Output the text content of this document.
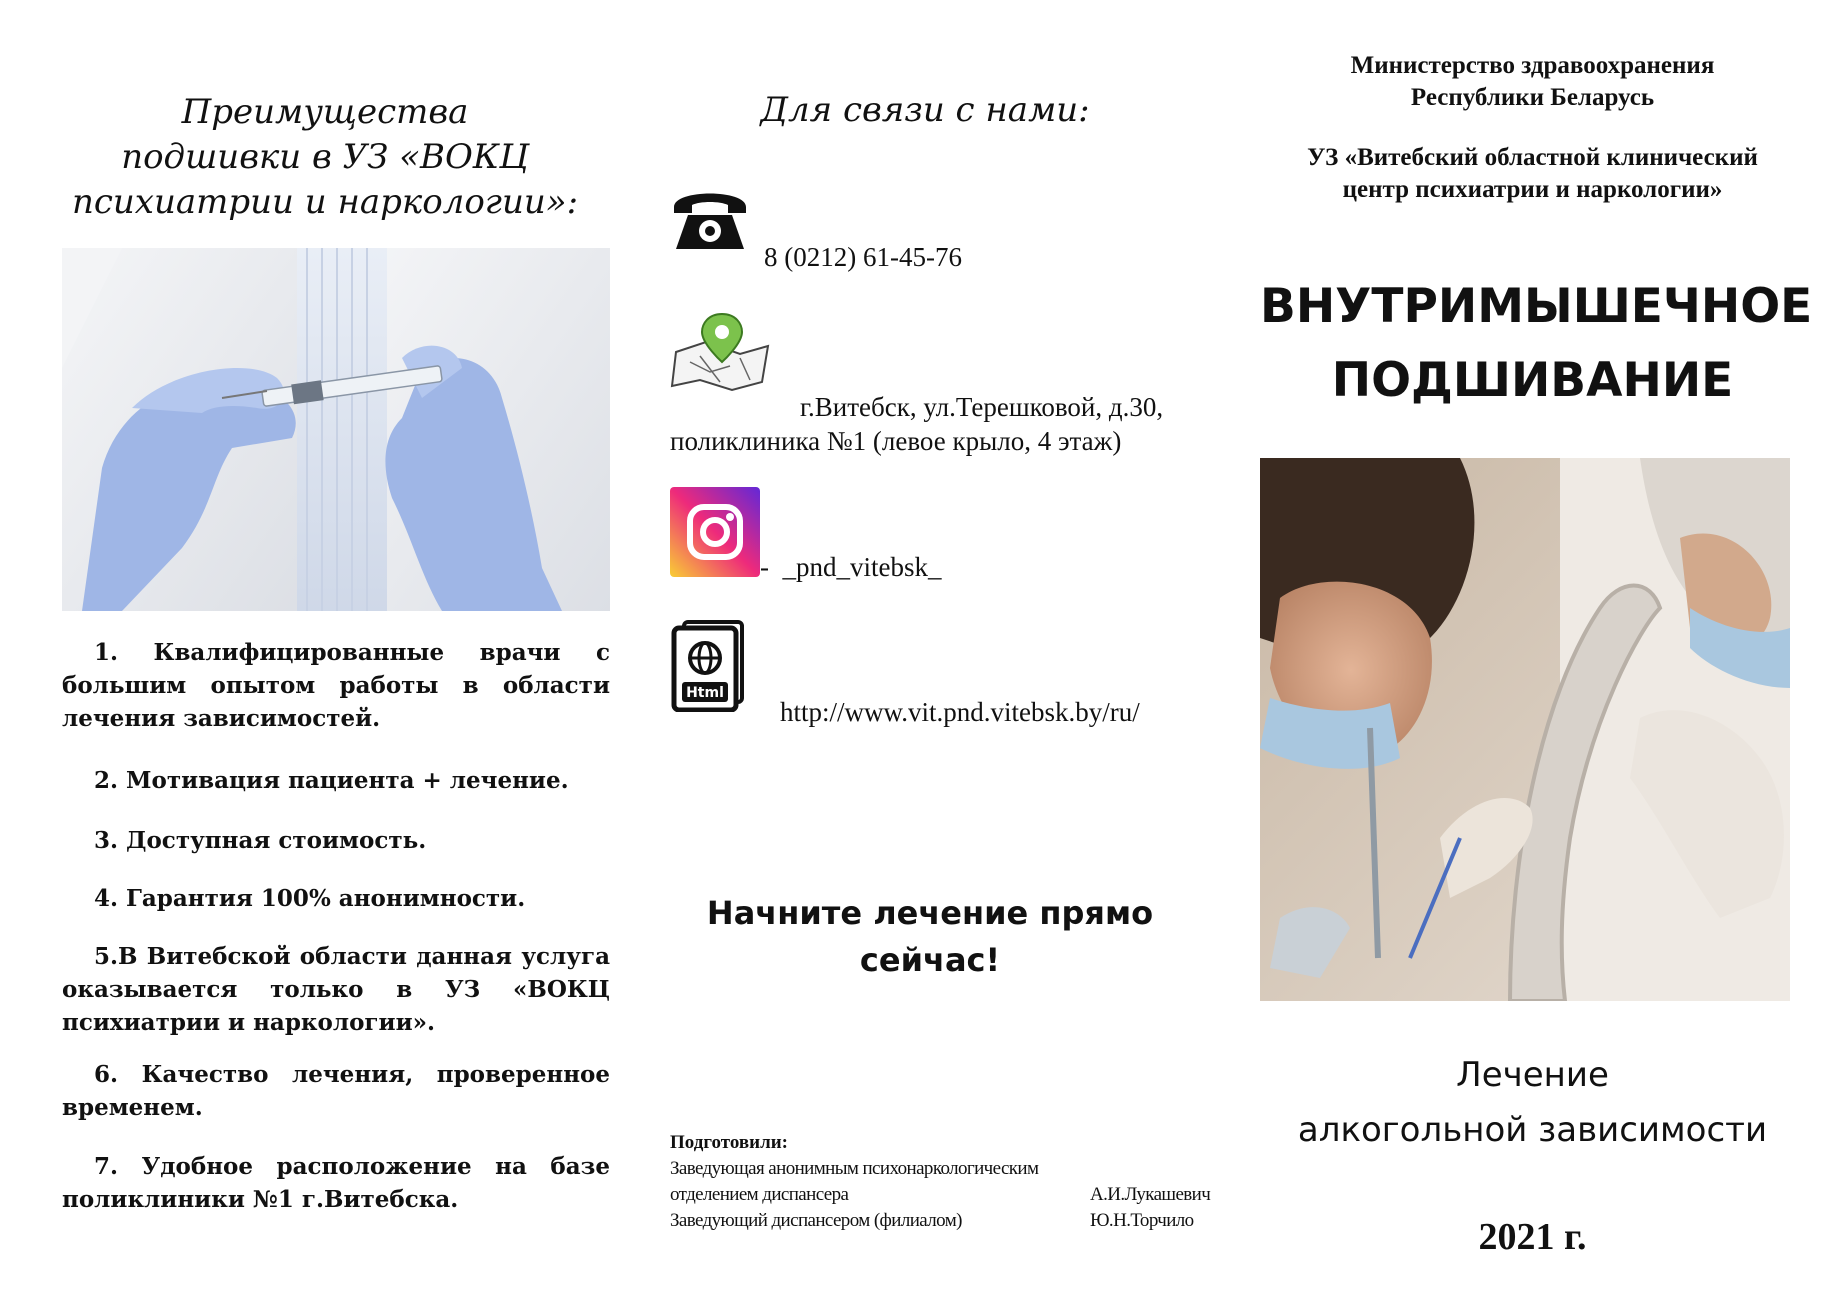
Преимущества
подшивки в УЗ «ВОКЦ
психиатрии и наркологии»:

1. Квалифицированные врачи с большим опытом работы в области лечения зависимостей.

2. Мотивация пациента + лечение.

3. Доступная стоимость.

4. Гарантия 100% анонимности.

5.В Витебской области данная услуга оказывается только в УЗ «ВОКЦ психиатрии и наркологии».

6. Качество лечения, проверенное временем.

7. Удобное расположение на базе поликлиники №1 г.Витебска.

Для связи с нами:

8 (0212) 61-45-76

г.Витебск, ул.Терешковой, д.30,
поликлиника №1 (левое крыло, 4 этаж)

- _pnd_vitebsk_

Html

http://www.vit.pnd.vitebsk.by/ru/

Начните лечение прямо
сейчас!

Подготовили:
Заведующая анонимным психонаркологическим
отделением диспансера	А.И.Лукашевич
Заведующий диспансером (филиалом)	Ю.Н.Торчило

Министерство здравоохранения
Республики Беларусь

УЗ «Витебский областной клинический
центр психиатрии и наркологии»

ВНУТРИМЫШЕЧНОЕ
ПОДШИВАНИЕ

Лечение
алкогольной зависимости

2021 г.
